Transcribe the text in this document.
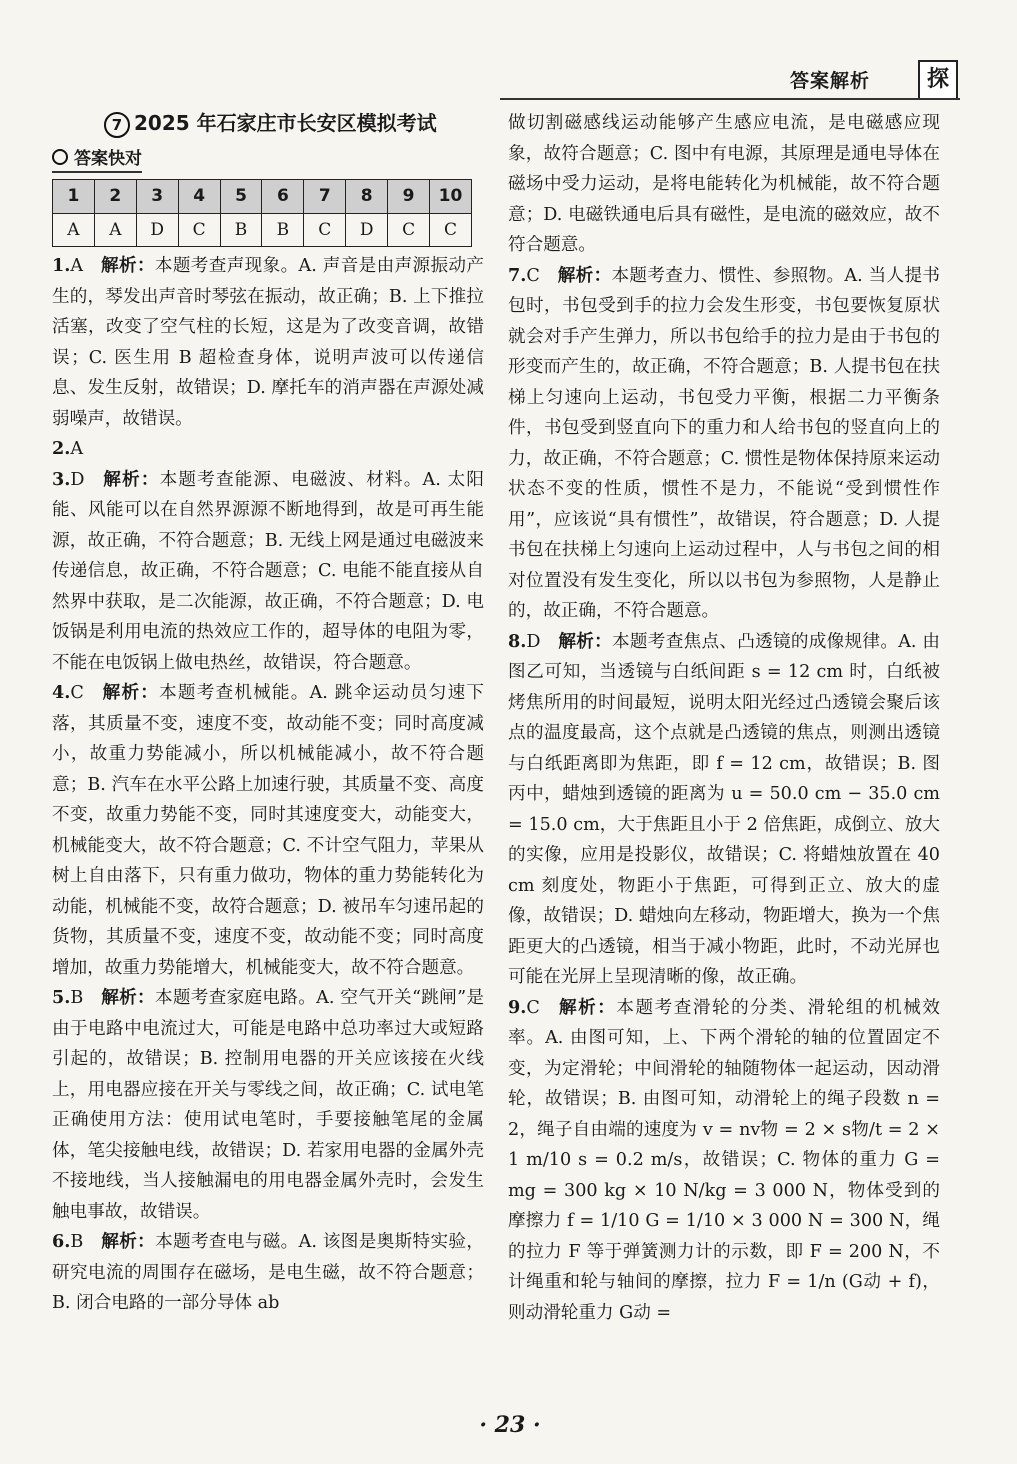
答案解析	探
7 2025 年石家庄市长安区模拟考试
答案快对
1	2	3	4	5	6	7	8	9	10
A	A	D	C	B	B	C	D	C	C

1.A  解析：本题考查声现象。A. 声音是由声源振动产生的，琴发出声音时琴弦在振动，故正确；B. 上下推拉活塞，改变了空气柱的长短，这是为了改变音调，故错误；C. 医生用 B 超检查身体，说明声波可以传递信息、发生反射，故错误；D. 摩托车的消声器在声源处减弱噪声，故错误。

2.A 

3.D  解析：本题考查能源、电磁波、材料。A. 太阳能、风能可以在自然界源源不断地得到，故是可再生能源，故正确，不符合题意；B. 无线上网是通过电磁波来传递信息，故正确，不符合题意；C. 电能不能直接从自然界中获取，是二次能源，故正确，不符合题意；D. 电饭锅是利用电流的热效应工作的，超导体的电阻为零，不能在电饭锅上做电热丝，故错误，符合题意。

4.C  解析：本题考查机械能。A. 跳伞运动员匀速下落，其质量不变，速度不变，故动能不变；同时高度减小，故重力势能减小，所以机械能减小，故不符合题意；B. 汽车在水平公路上加速行驶，其质量不变、高度不变，故重力势能不变，同时其速度变大，动能变大，机械能变大，故不符合题意；C. 不计空气阻力，苹果从树上自由落下，只有重力做功，物体的重力势能转化为动能，机械能不变，故符合题意；D. 被吊车匀速吊起的货物，其质量不变，速度不变，故动能不变；同时高度增加，故重力势能增大，机械能变大，故不符合题意。

5.B  解析：本题考查家庭电路。A. 空气开关“跳闸”是由于电路中电流过大，可能是电路中总功率过大或短路引起的，故错误；B. 控制用电器的开关应该接在火线上，用电器应接在开关与零线之间，故正确；C. 试电笔正确使用方法：使用试电笔时，手要接触笔尾的金属体，笔尖接触电线，故错误；D. 若家用电器的金属外壳不接地线，当人接触漏电的用电器金属外壳时，会发生触电事故，故错误。

6.B  解析：本题考查电与磁。A. 该图是奥斯特实验，研究电流的周围存在磁场，是电生磁，故不符合题意；B. 闭合电路的一部分导体 ab

做切割磁感线运动能够产生感应电流，是电磁感应现象，故符合题意；C. 图中有电源，其原理是通电导体在磁场中受力运动，是将电能转化为机械能，故不符合题意；D. 电磁铁通电后具有磁性，是电流的磁效应，故不符合题意。

7.C  解析：本题考查力、惯性、参照物。A. 当人提书包时，书包受到手的拉力会发生形变，书包要恢复原状就会对手产生弹力，所以书包给手的拉力是由于书包的形变而产生的，故正确，不符合题意；B. 人提书包在扶梯上匀速向上运动，书包受力平衡，根据二力平衡条件，书包受到竖直向下的重力和人给书包的竖直向上的力，故正确，不符合题意；C. 惯性是物体保持原来运动状态不变的性质，惯性不是力，不能说“受到惯性作用”，应该说“具有惯性”，故错误，符合题意；D. 人提书包在扶梯上匀速向上运动过程中，人与书包之间的相对位置没有发生变化，所以以书包为参照物，人是静止的，故正确，不符合题意。

8.D  解析：本题考查焦点、凸透镜的成像规律。A. 由图乙可知，当透镜与白纸间距 s = 12 cm 时，白纸被烤焦所用的时间最短，说明太阳光经过凸透镜会聚后该点的温度最高，这个点就是凸透镜的焦点，则测出透镜与白纸距离即为焦距，即 f = 12 cm，故错误；B. 图丙中，蜡烛到透镜的距离为 u = 50.0 cm − 35.0 cm = 15.0 cm，大于焦距且小于 2 倍焦距，成倒立、放大的实像，应用是投影仪，故错误；C. 将蜡烛放置在 40 cm 刻度处，物距小于焦距，可得到正立、放大的虚像，故错误；D. 蜡烛向左移动，物距增大，换为一个焦距更大的凸透镜，相当于减小物距，此时，不动光屏也可能在光屏上呈现清晰的像，故正确。

9.C  解析：本题考查滑轮的分类、滑轮组的机械效率。A. 由图可知，上、下两个滑轮的轴的位置固定不变，为定滑轮；中间滑轮的轴随物体一起运动，因动滑轮，故错误；B. 由图可知，动滑轮上的绳子段数 n = 2，绳子自由端的速度为 v = nv物 = 2 × s物/t = 2 × 1 m/10 s = 0.2 m/s，故错误；C. 物体的重力 G = mg = 300 kg × 10 N/kg = 3 000 N，物体受到的摩擦力 f = 1/10 G = 1/10 × 3 000 N = 300 N，绳的拉力 F 等于弹簧测力计的示数，即 F = 200 N，不计绳重和轮与轴间的摩擦，拉力 F = 1/n (G动 + f)，则动滑轮重力 G动 =

· 23 ·
